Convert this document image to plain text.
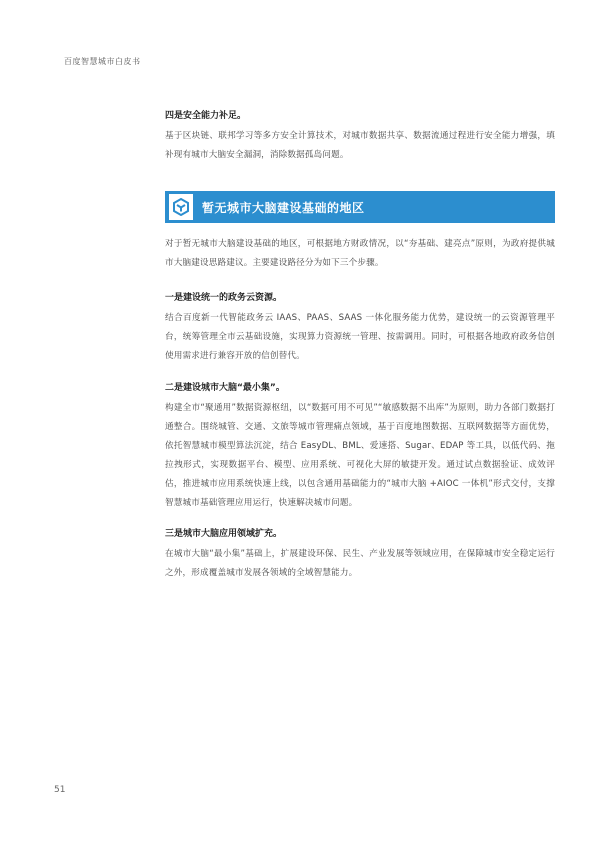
百度智慧城市白皮书

四是安全能力补足。

基于区块链、联邦学习等多方安全计算技术，对城市数据共享、数据流通过程进行安全能力增强，填补现有城市大脑安全漏洞，消除数据孤岛问题。

暂无城市大脑建设基础的地区

对于暂无城市大脑建设基础的地区，可根据地方财政情况，以“夯基础、建亮点”原则，为政府提供城市大脑建设思路建议。主要建设路径分为如下三个步骤。

一是建设统一的政务云资源。

结合百度新一代智能政务云 IAAS、PAAS、SAAS 一体化服务能力优势，建设统一的云资源管理平台，统筹管理全市云基础设施，实现算力资源统一管理、按需调用。同时，可根据各地政府政务信创使用需求进行兼容开放的信创替代。

二是建设城市大脑“最小集”。

构建全市“聚通用”数据资源枢纽，以“数据可用不可见”“敏感数据不出库”为原则，助力各部门数据打通整合。围绕城管、交通、文旅等城市管理痛点领域，基于百度地图数据、互联网数据等方面优势，依托智慧城市模型算法沉淀，结合 EasyDL、BML、爱速搭、Sugar、EDAP 等工具，以低代码、拖拉拽形式，实现数据平台、模型、应用系统、可视化大屏的敏捷开发。通过试点数据验证、成效评估，推进城市应用系统快速上线，以包含通用基础能力的“城市大脑 +AIOC 一体机”形式交付，支撑智慧城市基础管理应用运行，快速解决城市问题。

三是城市大脑应用领域扩充。

在城市大脑“最小集”基础上，扩展建设环保、民生、产业发展等领域应用，在保障城市安全稳定运行之外，形成覆盖城市发展各领域的全域智慧能力。

51
